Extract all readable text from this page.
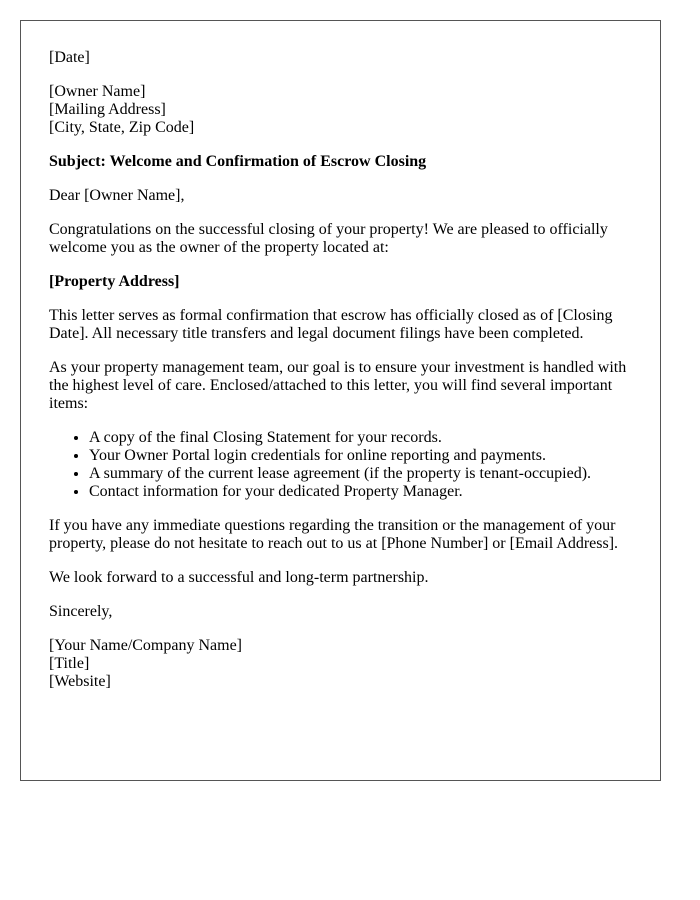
[Date]

[Owner Name]
[Mailing Address]
[City, State, Zip Code]

Subject: Welcome and Confirmation of Escrow Closing

Dear [Owner Name],

Congratulations on the successful closing of your property! We are pleased to officially welcome you as the owner of the property located at:

[Property Address]

This letter serves as formal confirmation that escrow has officially closed as of [Closing Date]. All necessary title transfers and legal document filings have been completed.

As your property management team, our goal is to ensure your investment is handled with the highest level of care. Enclosed/attached to this letter, you will find several important items:

• A copy of the final Closing Statement for your records.
• Your Owner Portal login credentials for online reporting and payments.
• A summary of the current lease agreement (if the property is tenant-occupied).
• Contact information for your dedicated Property Manager.

If you have any immediate questions regarding the transition or the management of your property, please do not hesitate to reach out to us at [Phone Number] or [Email Address].

We look forward to a successful and long-term partnership.

Sincerely,

[Your Name/Company Name]
[Title]
[Website]
